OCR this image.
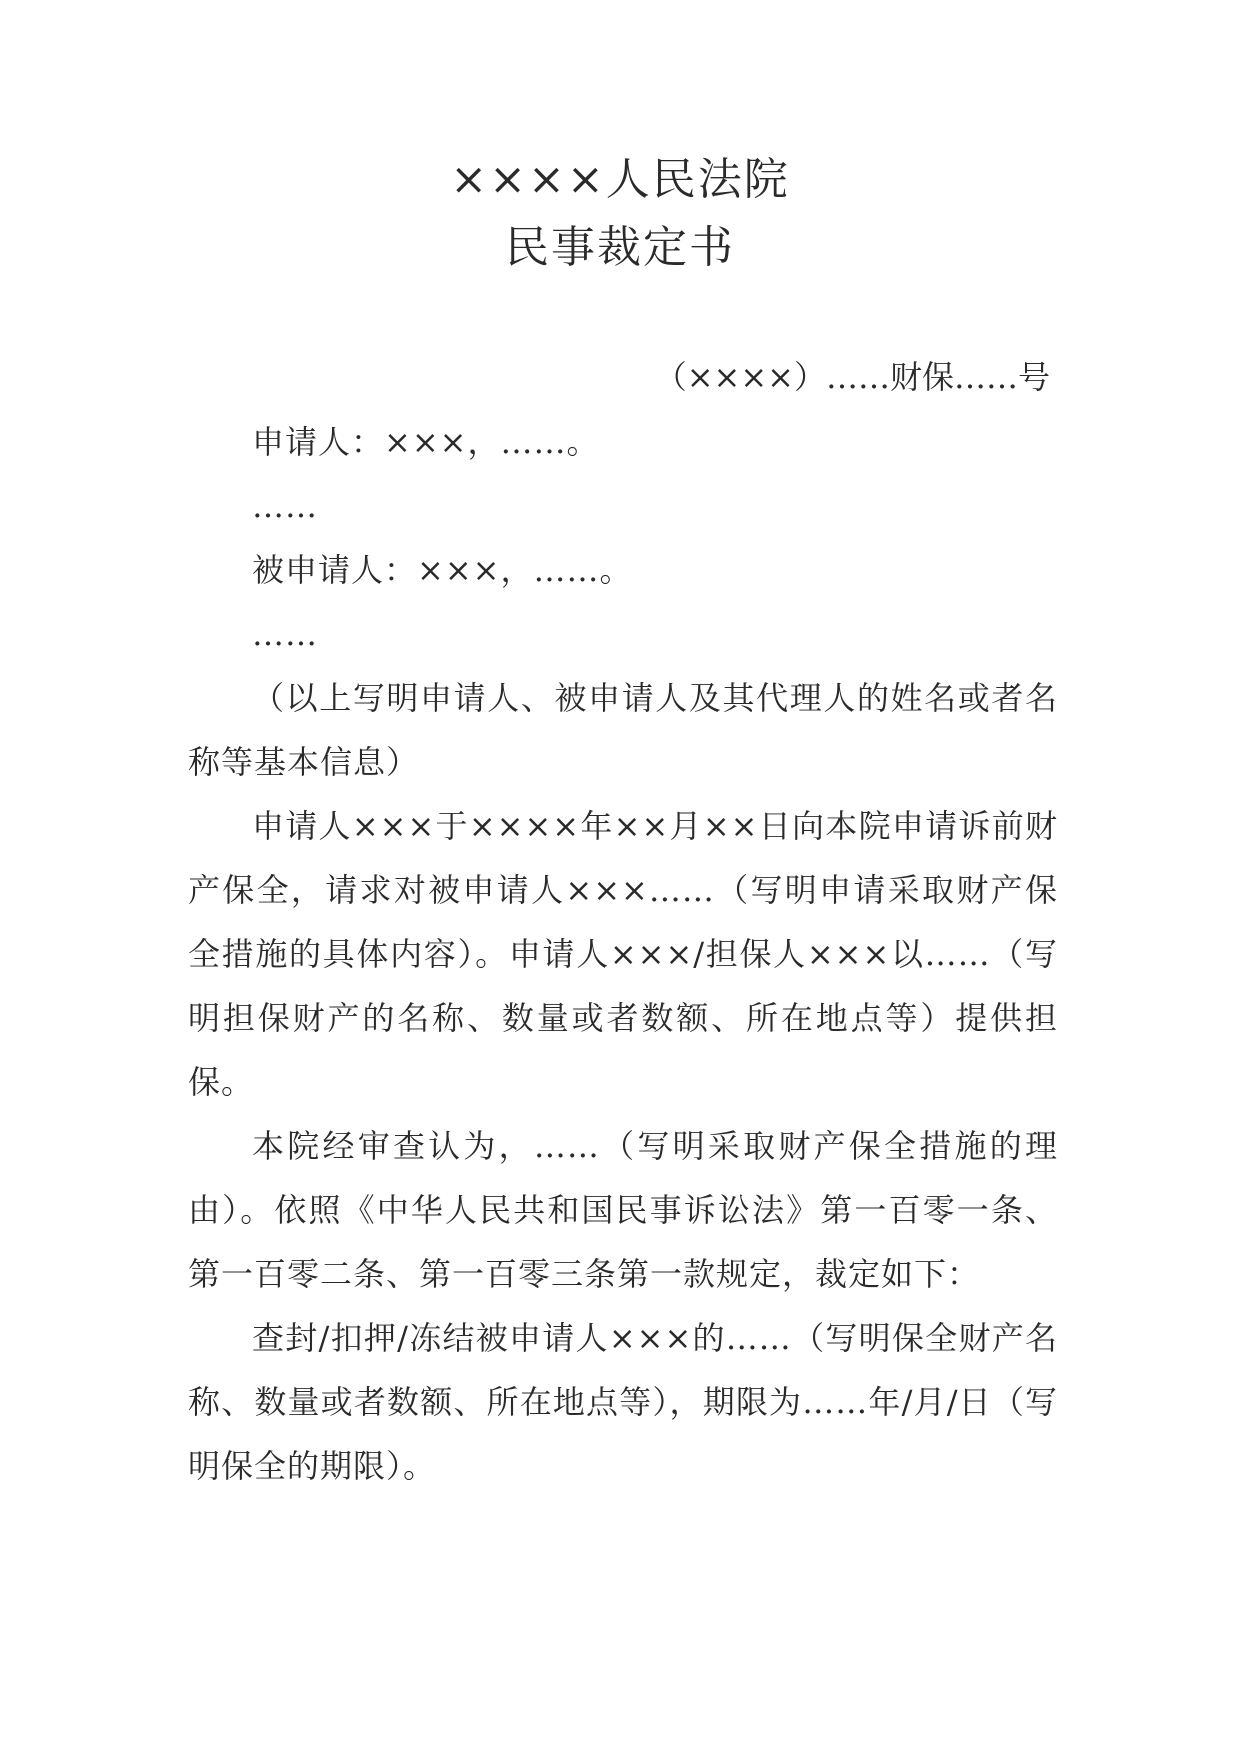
××××人民法院
民事裁定书
（××××）……财保……号

申请人：×××，……。

……

被申请人：×××，……。

……

（以上写明申请人、被申请人及其代理人的姓名或者名称等基本信息）

申请人×××于××××年××月××日向本院申请诉前财产保全，请求对被申请人×××……（写明申请采取财产保全措施的具体内容）。申请人×××/担保人×××以……（写明担保财产的名称、数量或者数额、所在地点等）提供担保。

本院经审查认为，……（写明采取财产保全措施的理由）。依照《中华人民共和国民事诉讼法》第一百零一条、第一百零二条、第一百零三条第一款规定，裁定如下：

查封/扣押/冻结被申请人×××的……（写明保全财产名称、数量或者数额、所在地点等），期限为……年/月/日（写明保全的期限）。
